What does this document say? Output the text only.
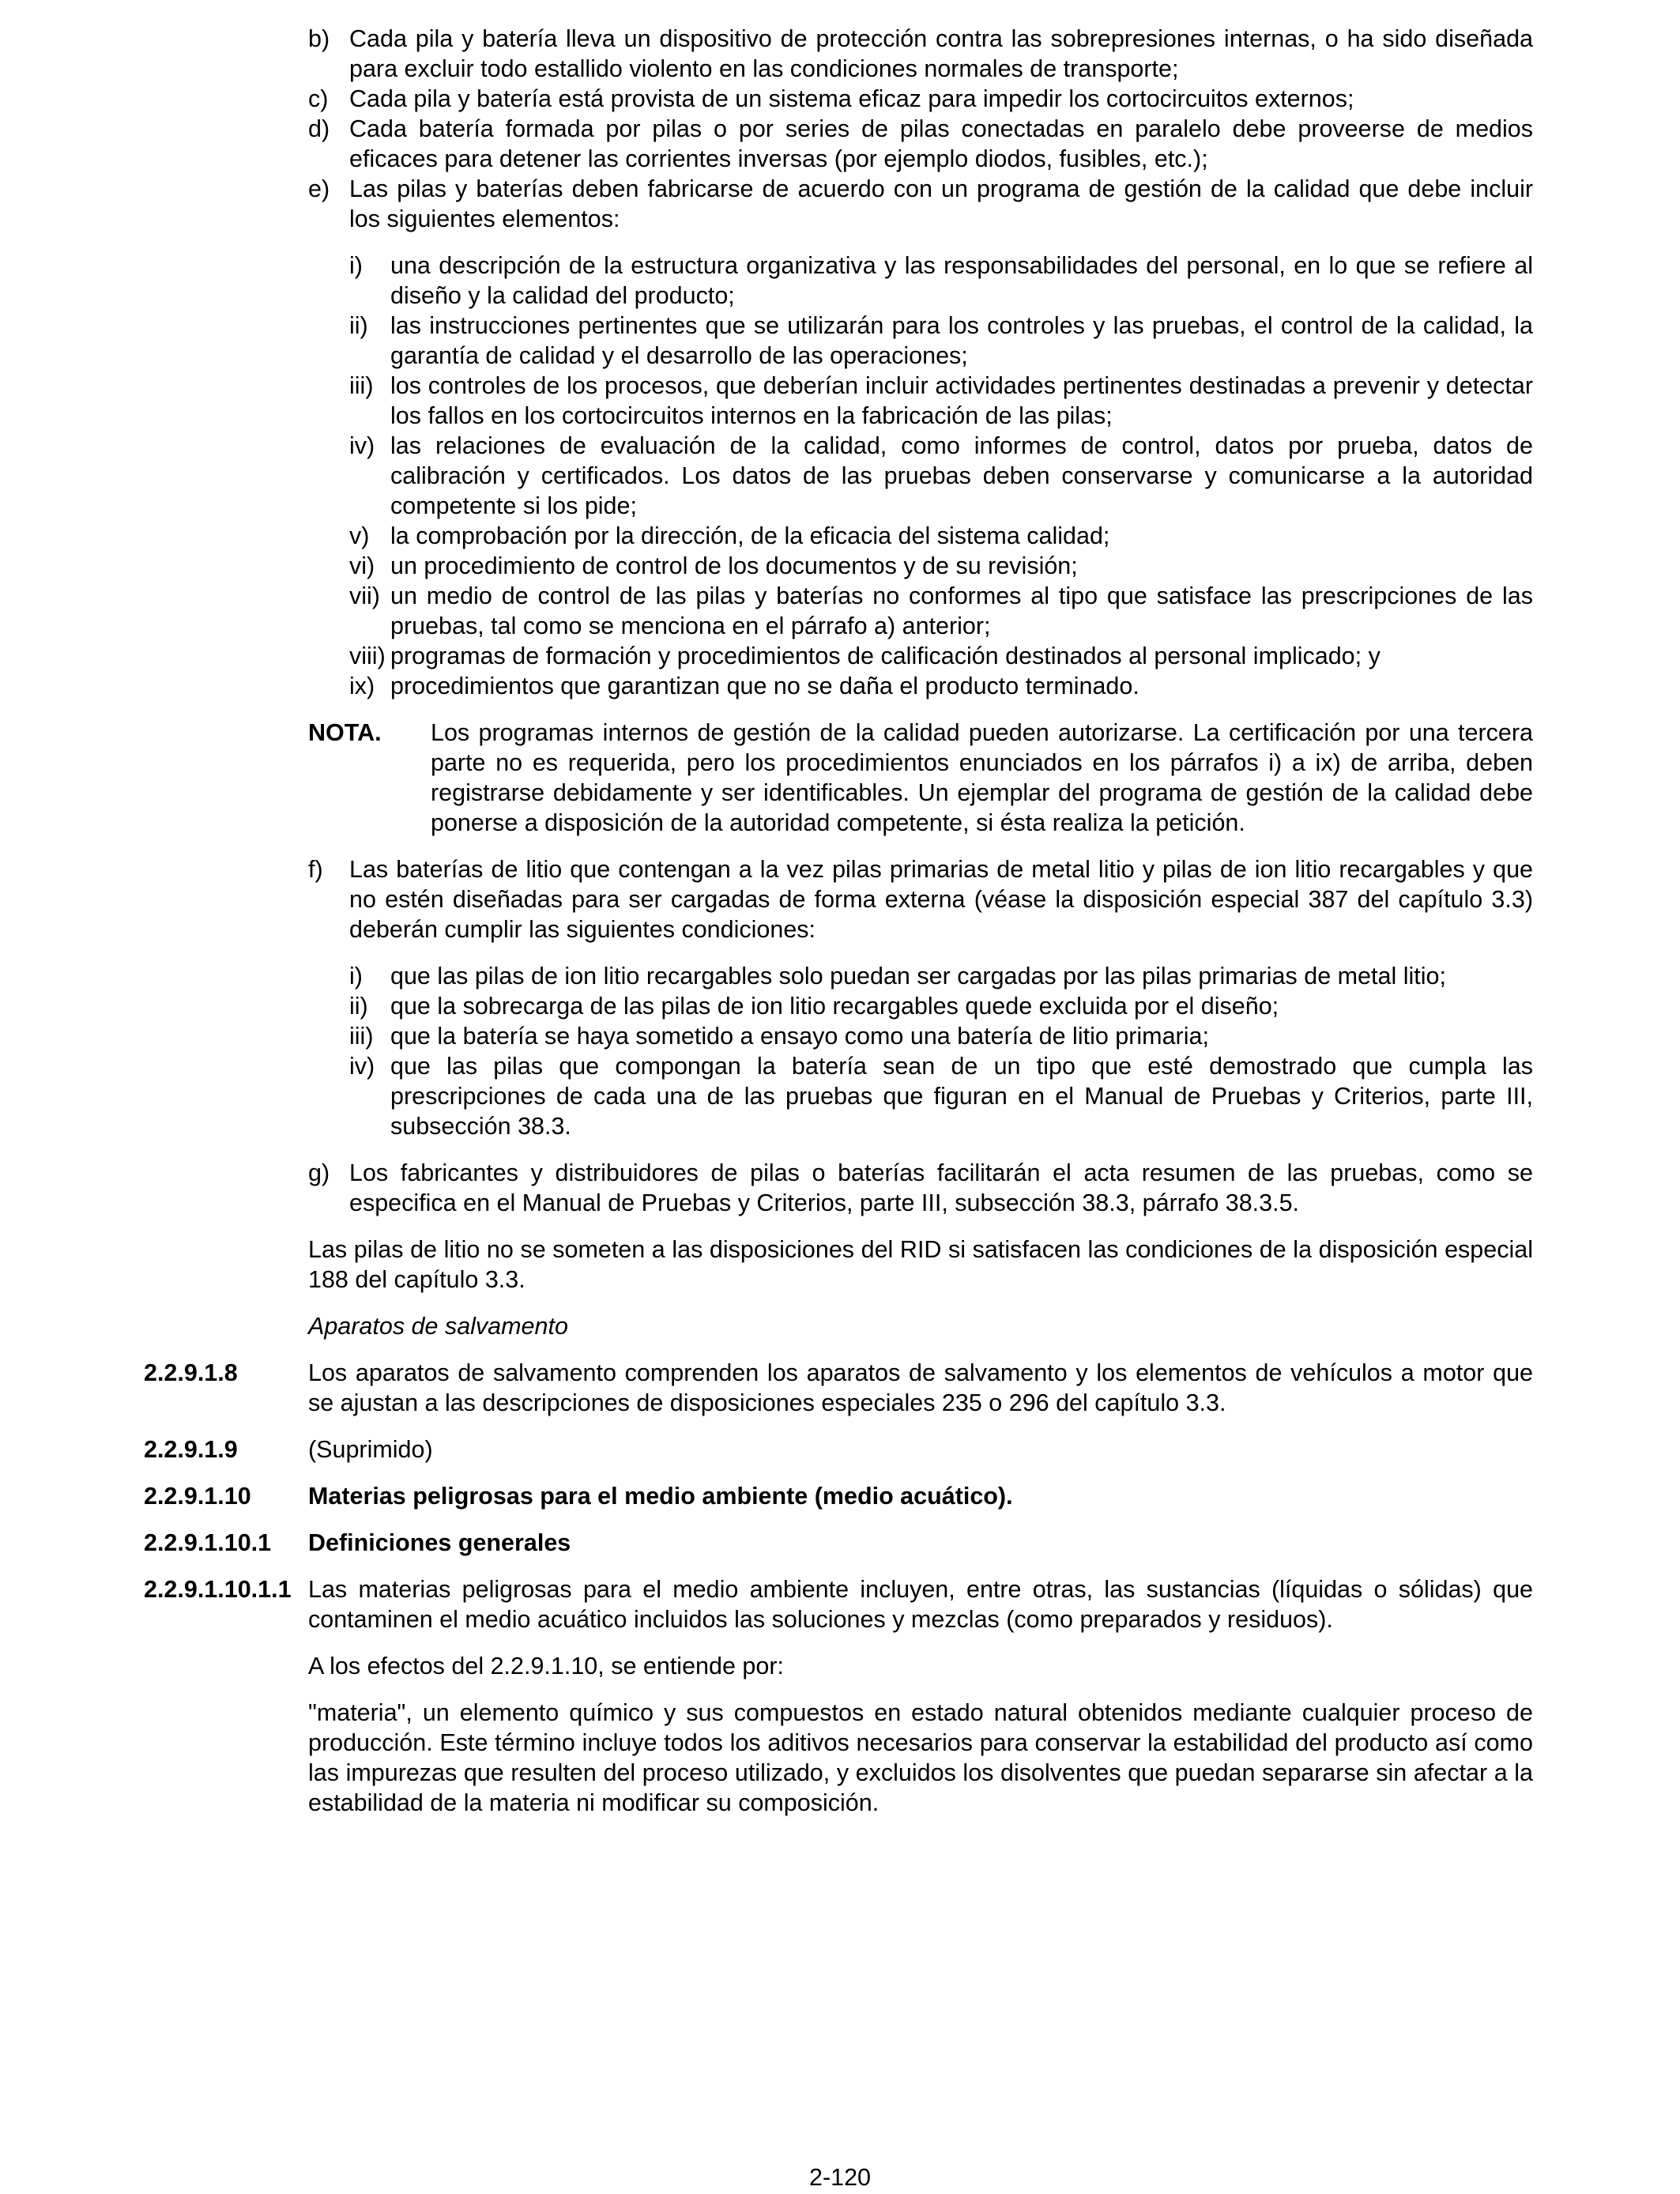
b) Cada pila y batería lleva un dispositivo de protección contra las sobrepresiones internas, o ha sido diseñada para excluir todo estallido violento en las condiciones normales de transporte;
c) Cada pila y batería está provista de un sistema eficaz para impedir los cortocircuitos externos;
d) Cada batería formada por pilas o por series de pilas conectadas en paralelo debe proveerse de medios eficaces para detener las corrientes inversas (por ejemplo diodos, fusibles, etc.);
e) Las pilas y baterías deben fabricarse de acuerdo con un programa de gestión de la calidad que debe incluir los siguientes elementos:
i) una descripción de la estructura organizativa y las responsabilidades del personal, en lo que se refiere al diseño y la calidad del producto;
ii) las instrucciones pertinentes que se utilizarán para los controles y las pruebas, el control de la calidad, la garantía de calidad y el desarrollo de las operaciones;
iii) los controles de los procesos, que deberían incluir actividades pertinentes destinadas a prevenir y detectar los fallos en los cortocircuitos internos en la fabricación de las pilas;
iv) las relaciones de evaluación de la calidad, como informes de control, datos por prueba, datos de calibración y certificados. Los datos de las pruebas deben conservarse y comunicarse a la autoridad competente si los pide;
v) la comprobación por la dirección, de la eficacia del sistema calidad;
vi) un procedimiento de control de los documentos y de su revisión;
vii) un medio de control de las pilas y baterías no conformes al tipo que satisface las prescripciones de las pruebas, tal como se menciona en el párrafo a) anterior;
viii) programas de formación y procedimientos de calificación destinados al personal implicado; y
ix) procedimientos que garantizan que no se daña el producto terminado.
NOTA. Los programas internos de gestión de la calidad pueden autorizarse. La certificación por una tercera parte no es requerida, pero los procedimientos enunciados en los párrafos i) a ix) de arriba, deben registrarse debidamente y ser identificables. Un ejemplar del programa de gestión de la calidad debe ponerse a disposición de la autoridad competente, si ésta realiza la petición.
f) Las baterías de litio que contengan a la vez pilas primarias de metal litio y pilas de ion litio recargables y que no estén diseñadas para ser cargadas de forma externa (véase la disposición especial 387 del capítulo 3.3) deberán cumplir las siguientes condiciones:
i) que las pilas de ion litio recargables solo puedan ser cargadas por las pilas primarias de metal litio;
ii) que la sobrecarga de las pilas de ion litio recargables quede excluida por el diseño;
iii) que la batería se haya sometido a ensayo como una batería de litio primaria;
iv) que las pilas que compongan la batería sean de un tipo que esté demostrado que cumpla las prescripciones de cada una de las pruebas que figuran en el Manual de Pruebas y Criterios, parte III, subsección 38.3.
g) Los fabricantes y distribuidores de pilas o baterías facilitarán el acta resumen de las pruebas, como se especifica en el Manual de Pruebas y Criterios, parte III, subsección 38.3, párrafo 38.3.5.

Las pilas de litio no se someten a las disposiciones del RID si satisfacen las condiciones de la disposición especial 188 del capítulo 3.3.

Aparatos de salvamento

2.2.9.1.8	Los aparatos de salvamento comprenden los aparatos de salvamento y los elementos de vehículos a motor que se ajustan a las descripciones de disposiciones especiales 235 o 296 del capítulo 3.3.
2.2.9.1.9	(Suprimido)
2.2.9.1.10 Materias peligrosas para el medio ambiente (medio acuático).
2.2.9.1.10.1 Definiciones generales
2.2.9.1.10.1.1 Las materias peligrosas para el medio ambiente incluyen, entre otras, las sustancias (líquidas o sólidas) que contaminen el medio acuático incluidos las soluciones y mezclas (como preparados y residuos).

A los efectos del 2.2.9.1.10, se entiende por:

"materia", un elemento químico y sus compuestos en estado natural obtenidos mediante cualquier proceso de producción. Este término incluye todos los aditivos necesarios para conservar la estabilidad del producto así como las impurezas que resulten del proceso utilizado, y excluidos los disolventes que puedan separarse sin afectar a la estabilidad de la materia ni modificar su composición.

2-120
